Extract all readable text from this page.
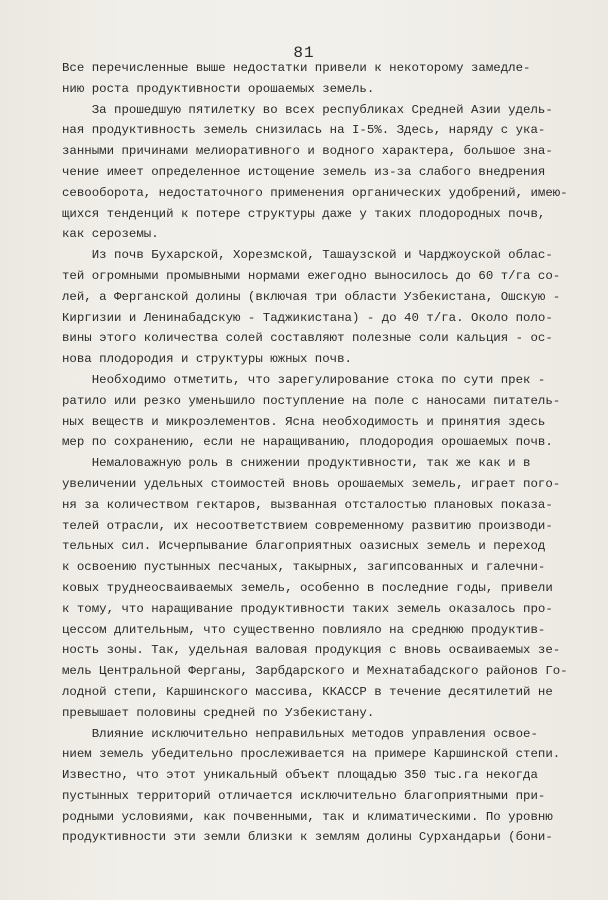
81
Все перечисленные выше недостатки привели к некоторому замедле-
нию роста продуктивности орошаемых земель.
За прошедшую пятилетку во всех республиках Средней Азии удель-
ная продуктивность земель снизилась на I-5%. Здесь, наряду с ука-
занными причинами мелиоративного и водного характера, большое зна-
чение имеет определенное истощение земель из-за слабого внедрения
севооборота, недостаточного применения органических удобрений, имею-
щихся тенденций к потере структуры даже у таких плодородных почв,
как сероземы.
Из почв Бухарской, Хорезмской, Ташаузской и Чарджоуской облас-
тей огромными промывными нормами ежегодно выносилось до 60 т/га со-
лей, а Ферганской долины (включая три области Узбекистана, Ошскую -
Киргизии и Ленинабадскую - Таджикистана) - до 40 т/га. Около поло-
вины этого количества солей составляют полезные соли кальция - ос-
нова плодородия и структуры южных почв.
Необходимо отметить, что зарегулирование стока по сути прек -
ратило или резко уменьшило поступление на поле с наносами питатель-
ных веществ и микроэлементов. Ясна необходимость и принятия здесь
мер по сохранению, если не наращиванию, плодородия орошаемых почв.
Немаловажную роль в снижении продуктивности, так же как и в
увеличении удельных стоимостей вновь орошаемых земель, играет пого-
ня за количеством гектаров, вызванная отсталостью плановых показа-
телей отрасли, их несоответствием современному развитию производи-
тельных сил. Исчерпывание благоприятных оазисных земель и переход
к освоению пустынных песчаных, такырных, загипсованных и галечни-
ковых труднеосваиваемых земель, особенно в последние годы, привели
к тому, что наращивание продуктивности таких земель оказалось про-
цессом длительным, что существенно повлияло на среднюю продуктив-
ность зоны. Так, удельная валовая продукция с вновь осваиваемых зе-
мель Центральной Ферганы, Зарбдарского и Мехнатабадского районов Го-
лодной степи, Каршинского массива, ККАССР в течение десятилетий не
превышает половины средней по Узбекистану.
Влияние исключительно неправильных методов управления освое-
нием земель убедительно прослеживается на примере Каршинской степи.
Известно, что этот уникальный объект площадью 350 тыс.га некогда
пустынных территорий отличается исключительно благоприятными при-
родными условиями, как почвенными, так и климатическими. По уровню
продуктивности эти земли близки к землям долины Сурхандарьи (бони-
